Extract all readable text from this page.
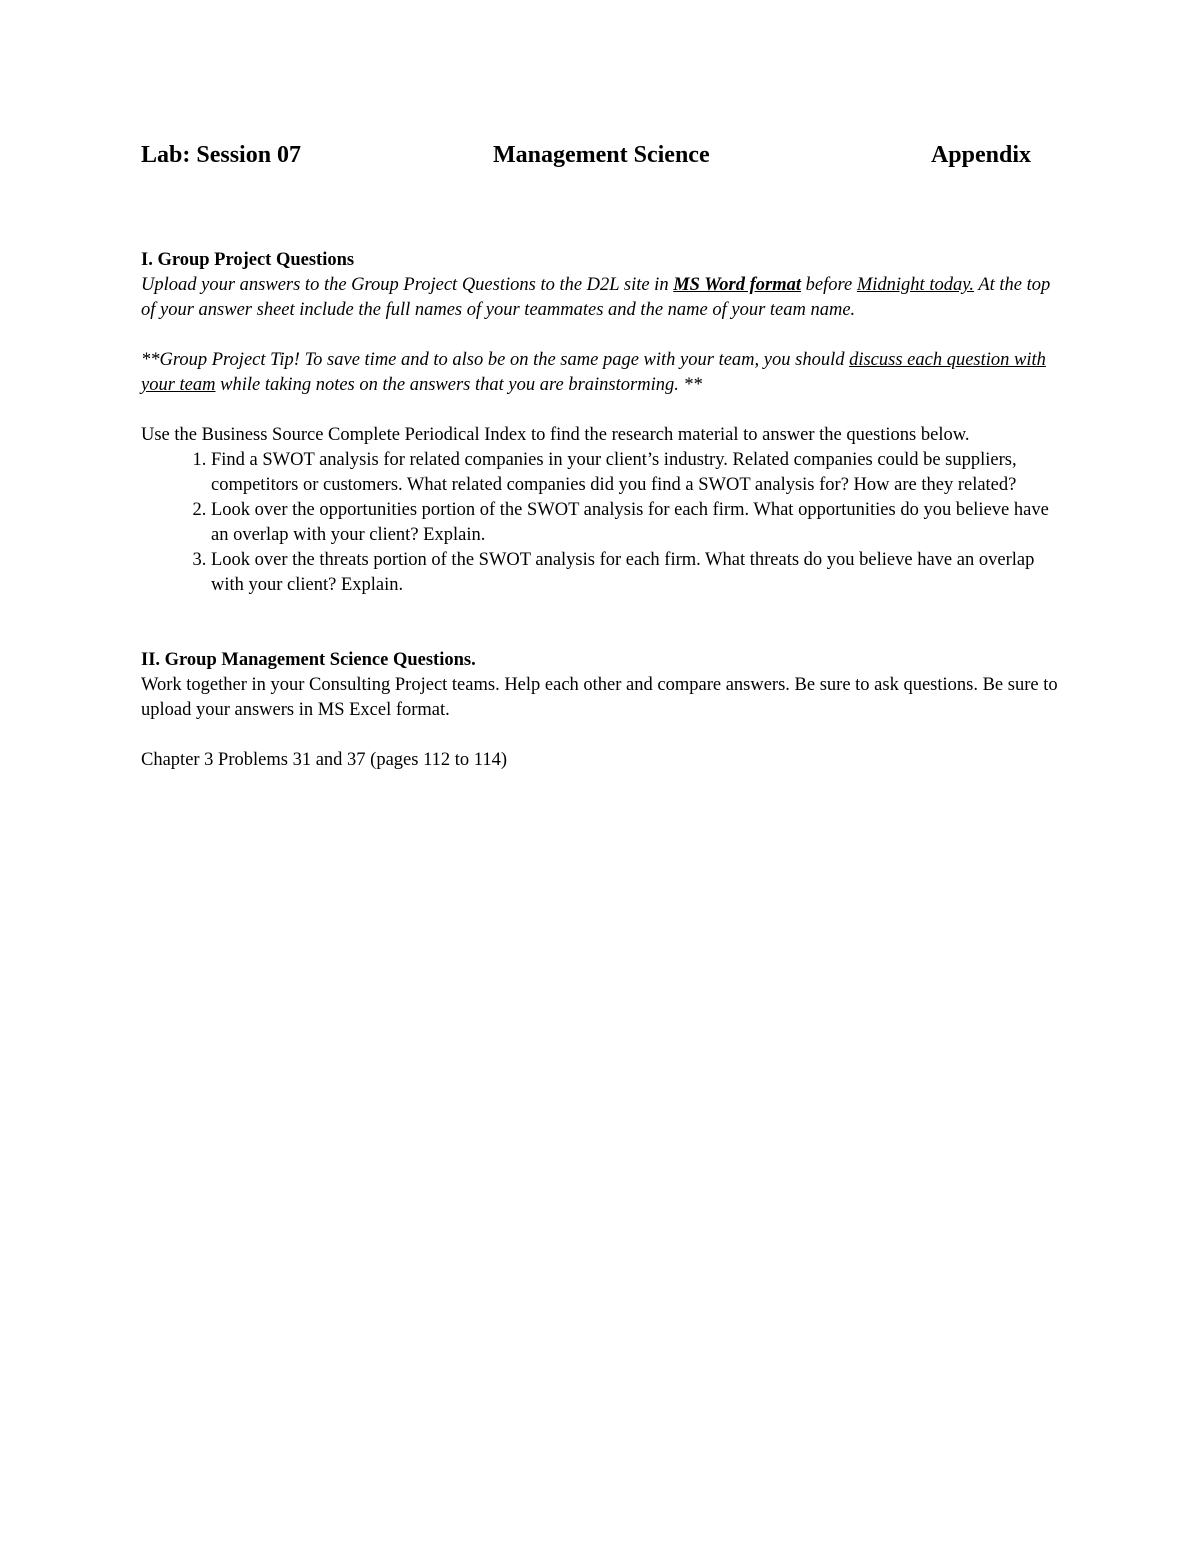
Lab: Session 07	Management Science	Appendix

I. Group Project Questions

Upload your answers to the Group Project Questions to the D2L site in MS Word format before Midnight today. At the top of your answer sheet include the full names of your teammates and the name of your team name.

**Group Project Tip! To save time and to also be on the same page with your team, you should discuss each question with your team while taking notes on the answers that you are brainstorming. **

Use the Business Source Complete Periodical Index to find the research material to answer the questions below.

1. Find a SWOT analysis for related companies in your client’s industry. Related companies could be suppliers, competitors or customers. What related companies did you find a SWOT analysis for? How are they related?
2. Look over the opportunities portion of the SWOT analysis for each firm. What opportunities do you believe have an overlap with your client? Explain.
3. Look over the threats portion of the SWOT analysis for each firm. What threats do you believe have an overlap with your client? Explain.

II. Group Management Science Questions.

Work together in your Consulting Project teams. Help each other and compare answers. Be sure to ask questions. Be sure to upload your answers in MS Excel format.

Chapter 3 Problems 31 and 37 (pages 112 to 114)
